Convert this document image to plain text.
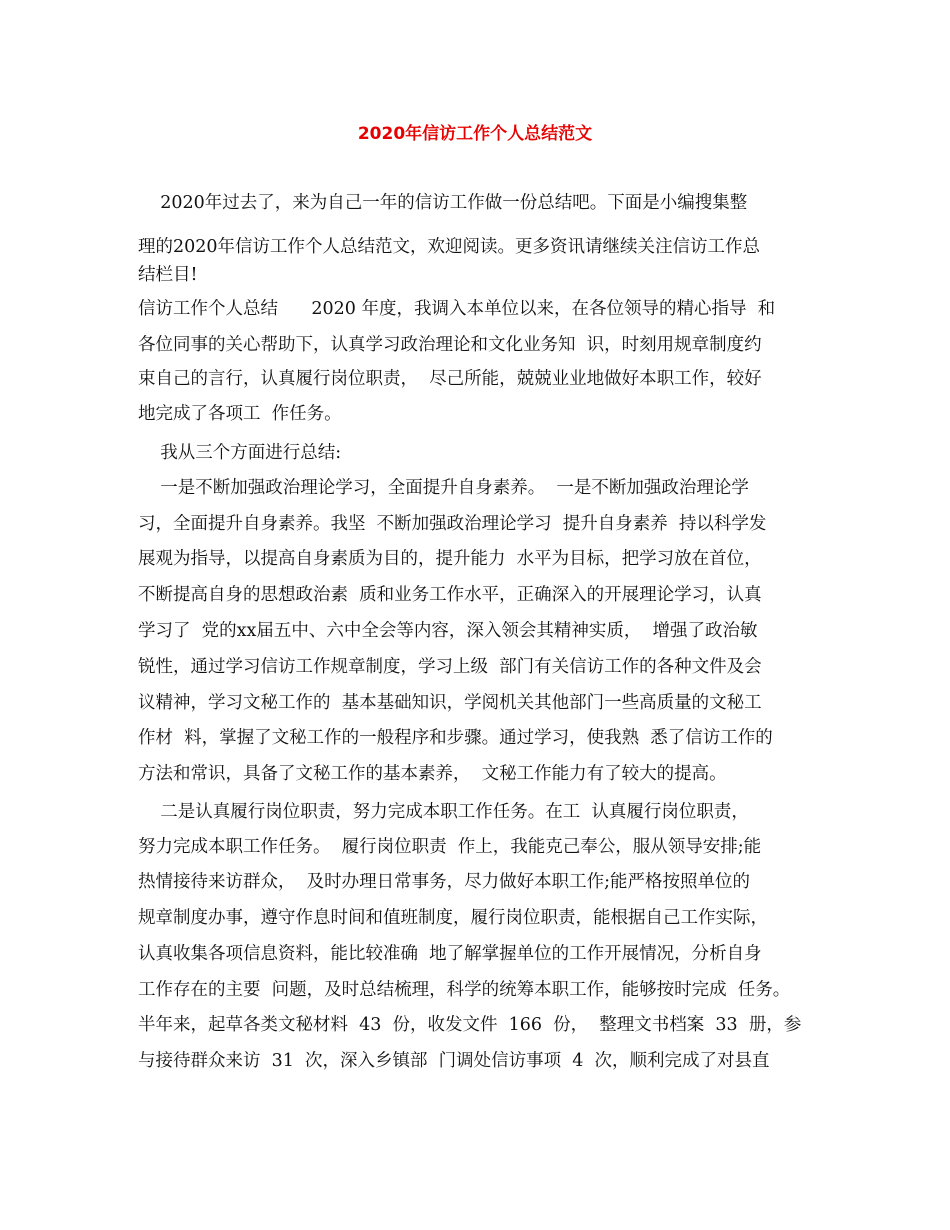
2020年信访工作个人总结范文
2020年过去了，来为自己一年的信访工作做一份总结吧。下面是小编搜集整
理的2020年信访工作个人总结范文，欢迎阅读。更多资讯请继续关注信访工作总
结栏目!
信访工作个人总结      2020 年度，我调入本单位以来，在各位领导的精心指导  和
各位同事的关心帮助下，认真学习政治理论和文化业务知  识，时刻用规章制度约
束自己的言行，认真履行岗位职责，  尽己所能，兢兢业业地做好本职工作，较好
地完成了各项工  作任务。
我从三个方面进行总结:
一是不断加强政治理论学习，全面提升自身素养。  一是不断加强政治理论学
习，全面提升自身素养。我坚  不断加强政治理论学习  提升自身素养  持以科学发
展观为指导，以提高自身素质为目的，提升能力  水平为目标，把学习放在首位，
不断提高自身的思想政治素  质和业务工作水平，正确深入的开展理论学习，认真
学习了  党的xx届五中、六中全会等内容，深入领会其精神实质，  增强了政治敏
锐性，通过学习信访工作规章制度，学习上级  部门有关信访工作的各种文件及会
议精神，学习文秘工作的  基本基础知识，学阅机关其他部门一些高质量的文秘工
作材  料，掌握了文秘工作的一般程序和步骤。通过学习，使我熟  悉了信访工作的
方法和常识，具备了文秘工作的基本素养，  文秘工作能力有了较大的提高。
二是认真履行岗位职责，努力完成本职工作任务。在工  认真履行岗位职责，
努力完成本职工作任务。  履行岗位职责  作上，我能克己奉公，服从领导安排;能
热情接待来访群众，  及时办理日常事务，尽力做好本职工作;能严格按照单位的
规章制度办事，遵守作息时间和值班制度，履行岗位职责，能根据自己工作实际，
认真收集各项信息资料，能比较准确  地了解掌握单位的工作开展情况，分析自身
工作存在的主要  问题，及时总结梳理，科学的统筹本职工作，能够按时完成  任务。
半年来，起草各类文秘材料  43  份，收发文件  166  份，  整理文书档案  33  册，参
与接待群众来访  31  次，深入乡镇部  门调处信访事项  4  次，顺利完成了对县直
